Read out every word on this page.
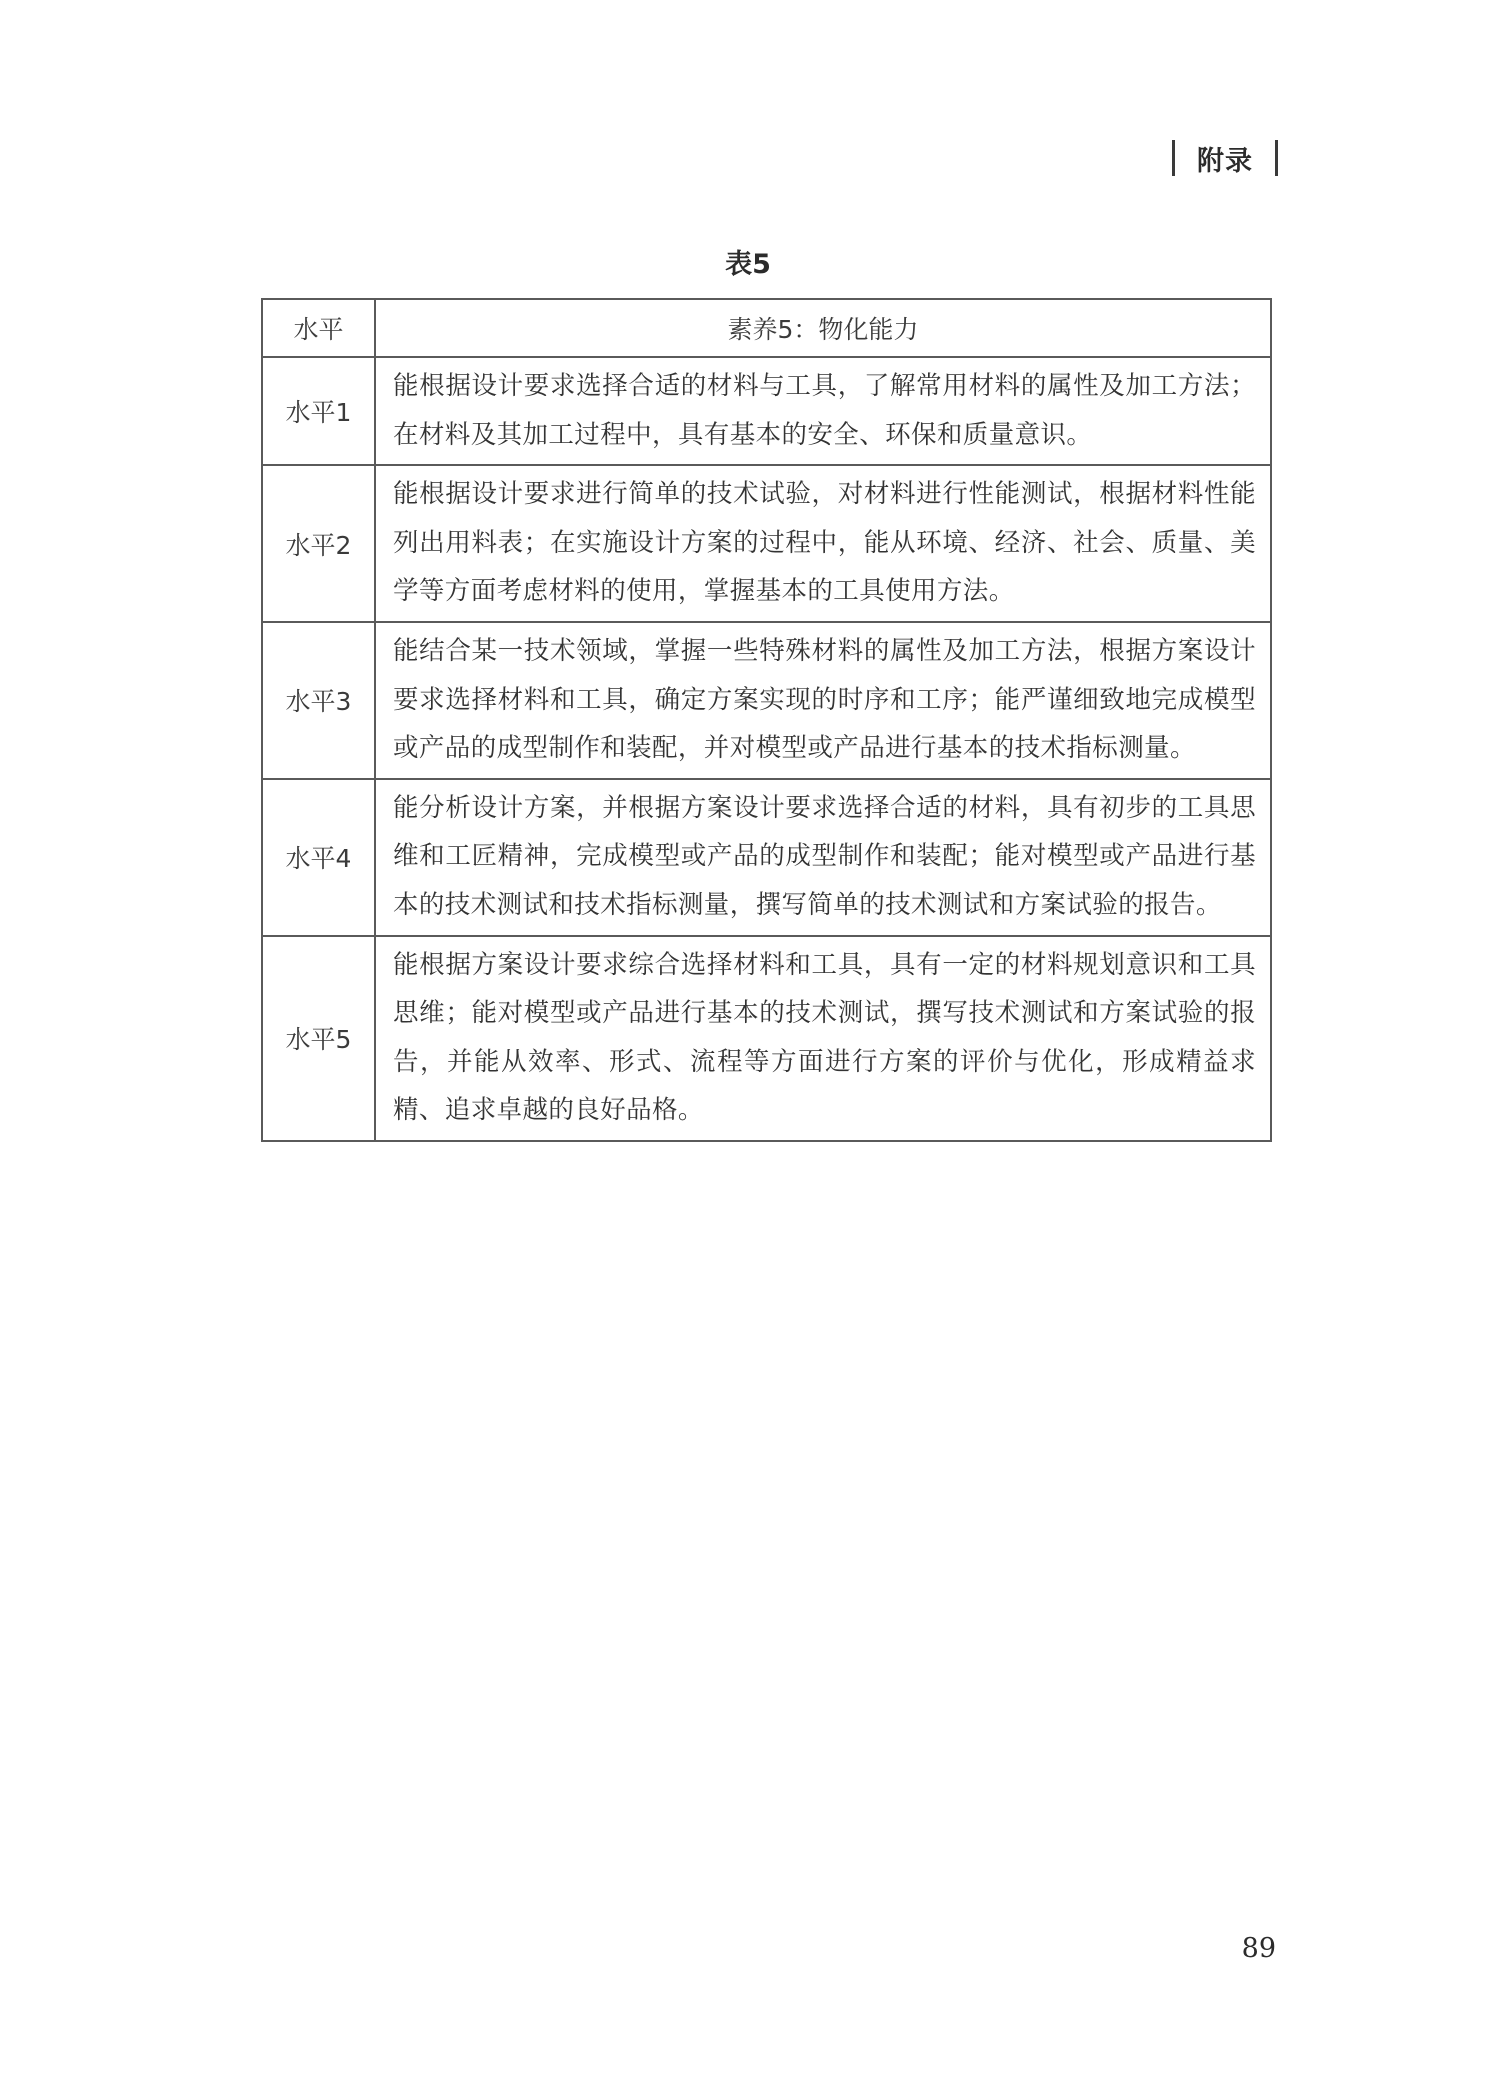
附录
表5
水平	素养5：物化能力
水平1	能根据设计要求选择合适的材料与工具，了解常用材料的属性及加工方法；在材料及其加工过程中，具有基本的安全、环保和质量意识。
水平2	能根据设计要求进行简单的技术试验，对材料进行性能测试，根据材料性能列出用料表；在实施设计方案的过程中，能从环境、经济、社会、质量、美学等方面考虑材料的使用，掌握基本的工具使用方法。
水平3	能结合某一技术领域，掌握一些特殊材料的属性及加工方法，根据方案设计要求选择材料和工具，确定方案实现的时序和工序；能严谨细致地完成模型或产品的成型制作和装配，并对模型或产品进行基本的技术指标测量。
水平4	能分析设计方案，并根据方案设计要求选择合适的材料，具有初步的工具思维和工匠精神，完成模型或产品的成型制作和装配；能对模型或产品进行基本的技术测试和技术指标测量，撰写简单的技术测试和方案试验的报告。
水平5	能根据方案设计要求综合选择材料和工具，具有一定的材料规划意识和工具思维；能对模型或产品进行基本的技术测试，撰写技术测试和方案试验的报告，并能从效率、形式、流程等方面进行方案的评价与优化，形成精益求精、追求卓越的良好品格。
89
